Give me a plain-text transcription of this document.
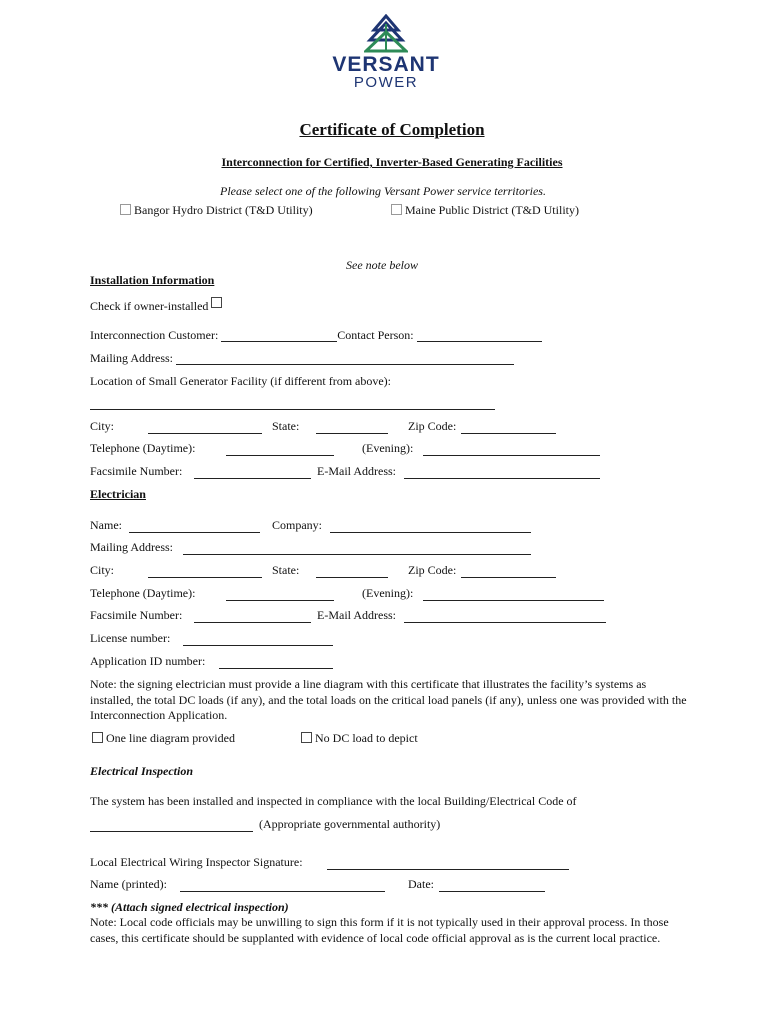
VERSANT
POWER
Certificate of Completion
Interconnection for Certified, Inverter-Based Generating Facilities
Please select one of the following Versant Power service territories.
Bangor Hydro District (T&D Utility)	Maine Public District (T&D Utility)
See note below
Installation Information
Check if owner-installed
Interconnection Customer:	Contact Person:
Mailing Address:
Location of Small Generator Facility (if different from above):
City:	State:	Zip Code:
Telephone (Daytime):	(Evening):
Facsimile Number:	E-Mail Address:
Electrician
Name:	Company:
Mailing Address:
City:	State:	Zip Code:
Telephone (Daytime):	(Evening):
Facsimile Number:	E-Mail Address:
License number:
Application ID number:
Note: the signing electrician must provide a line diagram with this certificate that illustrates the facility’s systems as installed, the total DC loads (if any), and the total loads on the critical load panels (if any), unless one was provided with the Interconnection Application.
One line diagram provided	No DC load to depict
Electrical Inspection
The system has been installed and inspected in compliance with the local Building/Electrical Code of
(Appropriate governmental authority)
Local Electrical Wiring Inspector Signature:
Name (printed):	Date:
*** (Attach signed electrical inspection)
Note: Local code officials may be unwilling to sign this form if it is not typically used in their approval process. In those cases, this certificate should be supplanted with evidence of local code official approval as is the current local practice.
